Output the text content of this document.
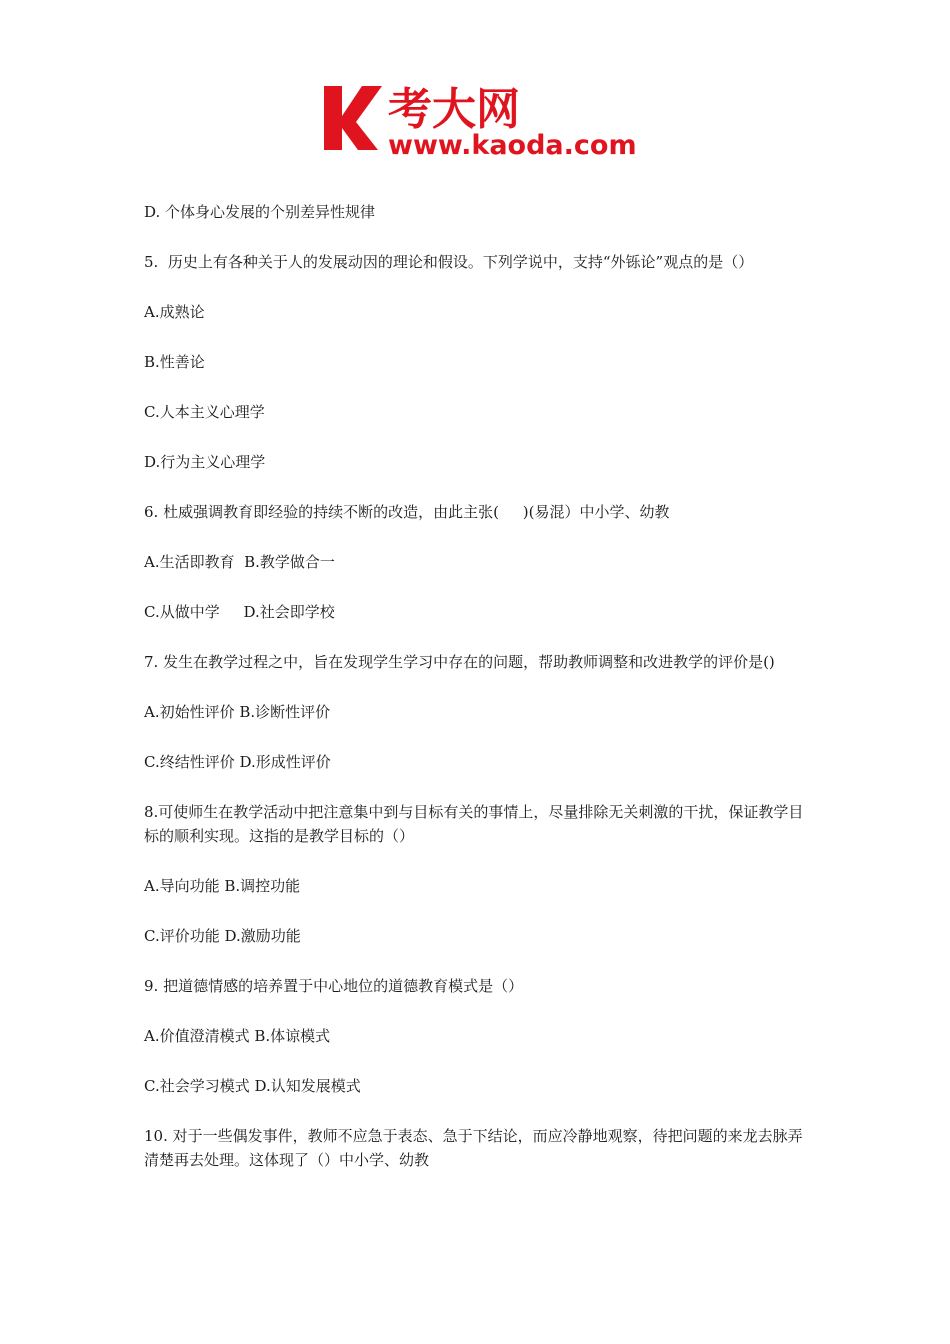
考大网
www.kaoda.com

D. 个体身心发展的个别差异性规律

5.  历史上有各种关于人的发展动因的理论和假设。下列学说中，支持“外铄论”观点的是（）

A.成熟论

B.性善论

C.人本主义心理学

D.行为主义心理学

6. 杜威强调教育即经验的持续不断的改造，由此主张(     )(易混）中小学、幼教

A.生活即教育  B.教学做合一

C.从做中学     D.社会即学校

7. 发生在教学过程之中，旨在发现学生学习中存在的问题，帮助教师调整和改进教学的评价是()

A.初始性评价 B.诊断性评价

C.终结性评价 D.形成性评价

8.可使师生在教学活动中把注意集中到与目标有关的事情上，尽量排除无关刺激的干扰，保证教学目标的顺利实现。这指的是教学目标的（）

A.导向功能 B.调控功能

C.评价功能 D.激励功能

9. 把道德情感的培养置于中心地位的道德教育模式是（）

A.价值澄清模式 B.体谅模式

C.社会学习模式 D.认知发展模式

10. 对于一些偶发事件，教师不应急于表态、急于下结论，而应冷静地观察，待把问题的来龙去脉弄清楚再去处理。这体现了（）中小学、幼教
